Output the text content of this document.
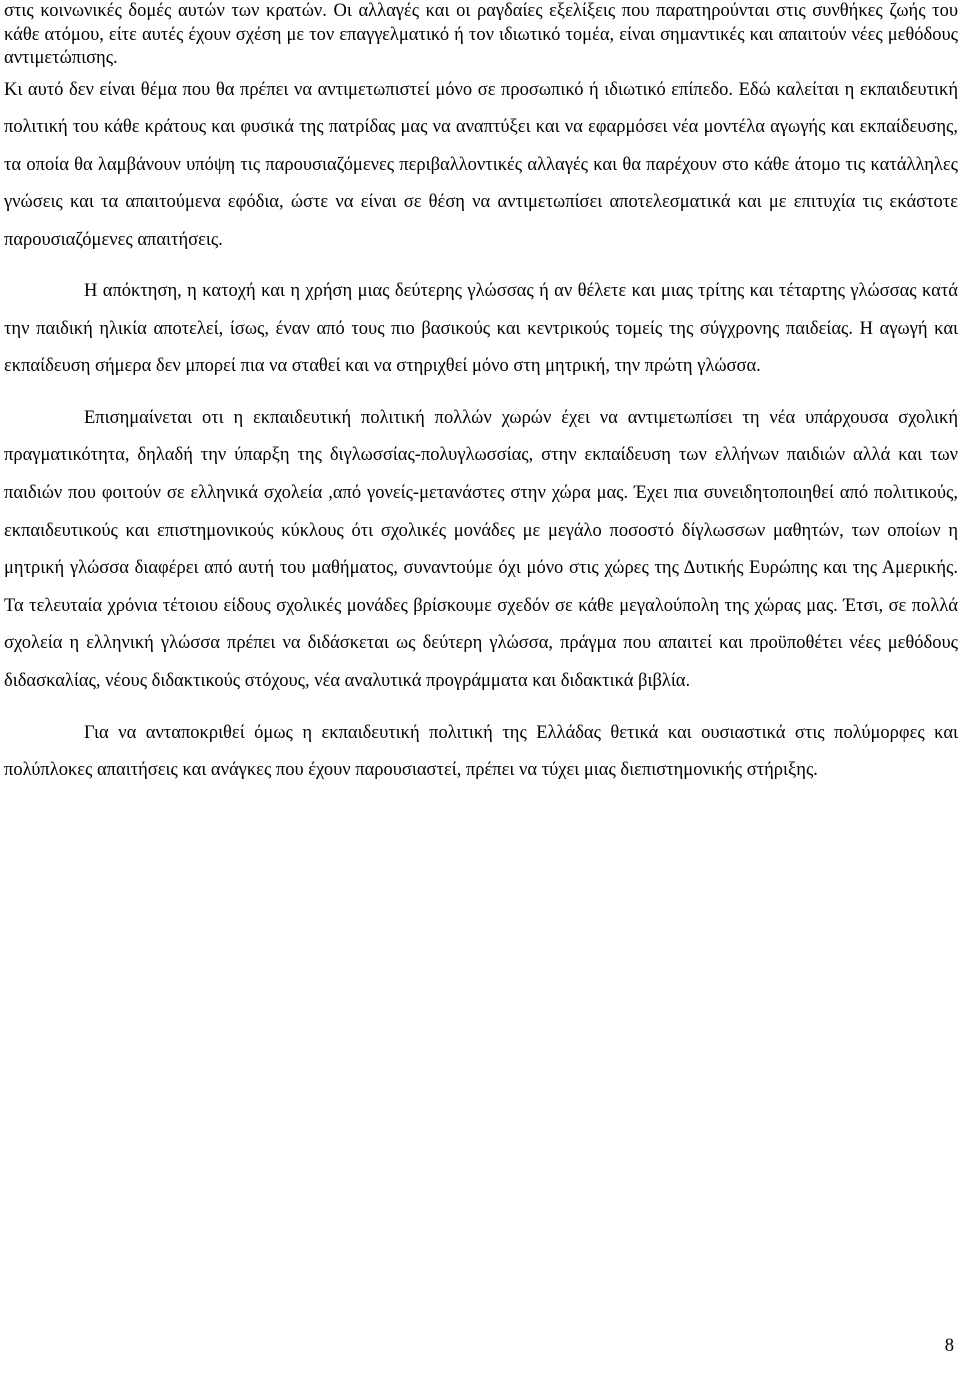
στις κοινωνικές δομές αυτών των κρατών. Οι αλλαγές και οι ραγδαίες εξελίξεις που παρατηρούνται στις συνθήκες ζωής του κάθε ατόμου, είτε αυτές έχουν σχέση με τον επαγγελματικό ή τον ιδιωτικό τομέα, είναι σημαντικές και απαιτούν νέες μεθόδους αντιμετώπισης.

Κι αυτό δεν είναι θέμα που θα πρέπει να αντιμετωπιστεί μόνο σε προσωπικό ή ιδιωτικό επίπεδο. Εδώ καλείται η εκπαιδευτική πολιτική του κάθε κράτους και φυσικά της πατρίδας μας να αναπτύξει και να εφαρμόσει νέα μοντέλα αγωγής και εκπαίδευσης, τα οποία θα λαμβάνουν υπόψη τις παρουσιαζόμενες περιβαλλοντικές αλλαγές και θα παρέχουν στο κάθε άτομο τις κατάλληλες γνώσεις και τα απαιτούμενα εφόδια, ώστε να είναι σε θέση να αντιμετωπίσει αποτελεσματικά και με επιτυχία τις εκάστοτε παρουσιαζόμενες απαιτήσεις.

Η απόκτηση, η κατοχή και η χρήση μιας δεύτερης γλώσσας ή αν θέλετε και μιας τρίτης και τέταρτης γλώσσας κατά την παιδική ηλικία αποτελεί, ίσως, έναν από τους πιο βασικούς και κεντρικούς τομείς της σύγχρονης παιδείας. Η αγωγή και εκπαίδευση σήμερα δεν μπορεί πια να σταθεί και να στηριχθεί μόνο στη μητρική, την πρώτη γλώσσα.

Επισημαίνεται οτι η εκπαιδευτική πολιτική πολλών χωρών έχει να αντιμετωπίσει τη νέα υπάρχουσα σχολική πραγματικότητα, δηλαδή την ύπαρξη της διγλωσσίας-πολυγλωσσίας, στην εκπαίδευση των ελλήνων παιδιών αλλά και των παιδιών που φοιτούν σε ελληνικά σχολεία ,από γονείς-μετανάστες στην χώρα μας. Έχει πια συνειδητοποιηθεί από πολιτικούς, εκπαιδευτικούς και επιστημονικούς κύκλους ότι σχολικές μονάδες με μεγάλο ποσοστό δίγλωσσων μαθητών, των οποίων η μητρική γλώσσα διαφέρει από αυτή του μαθήματος, συναντούμε όχι μόνο στις χώρες της Δυτικής Ευρώπης και της Αμερικής. Τα τελευταία χρόνια τέτοιου είδους σχολικές μονάδες βρίσκουμε σχεδόν σε κάθε μεγαλούπολη της χώρας μας. Έτσι, σε πολλά σχολεία η ελληνική γλώσσα πρέπει να διδάσκεται ως δεύτερη γλώσσα, πράγμα που απαιτεί και προϋποθέτει νέες μεθόδους διδασκαλίας, νέους διδακτικούς στόχους, νέα αναλυτικά προγράμματα και διδακτικά βιβλία.

Για να ανταποκριθεί όμως η εκπαιδευτική πολιτική της Ελλάδας θετικά και ουσιαστικά στις πολύμορφες και πολύπλοκες απαιτήσεις και ανάγκες που έχουν παρουσιαστεί, πρέπει να τύχει μιας διεπιστημονικής στήριξης.

8
